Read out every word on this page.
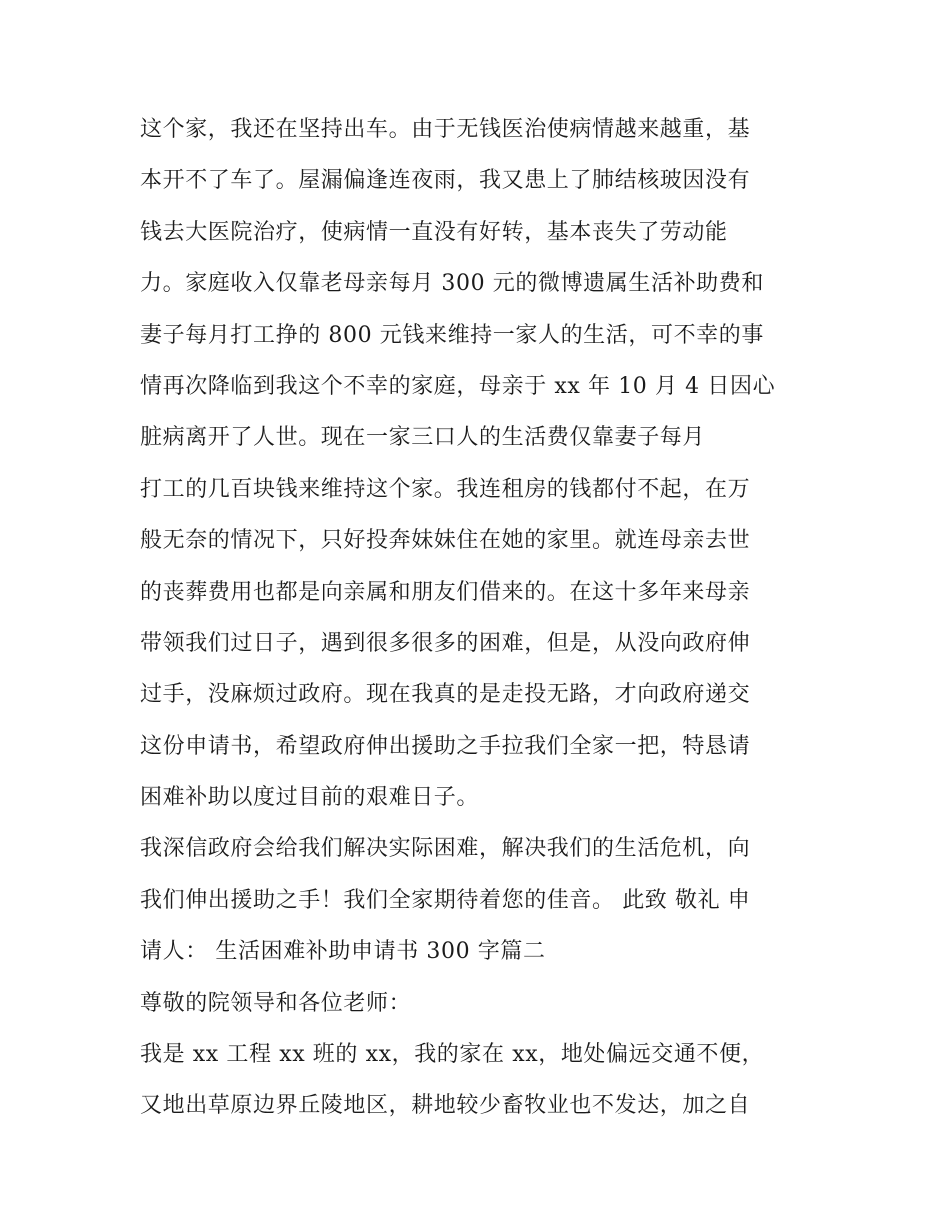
这个家，我还在坚持出车。由于无钱医治使病情越来越重，基
本开不了车了。屋漏偏逢连夜雨，我又患上了肺结核玻因没有
钱去大医院治疗，使病情一直没有好转，基本丧失了劳动能
力。家庭收入仅靠老母亲每月 300 元的微博遗属生活补助费和
妻子每月打工挣的 800 元钱来维持一家人的生活，可不幸的事
情再次降临到我这个不幸的家庭，母亲于 xx 年 10 月 4 日因心
脏病离开了人世。现在一家三口人的生活费仅靠妻子每月
打工的几百块钱来维持这个家。我连租房的钱都付不起，在万
般无奈的情况下，只好投奔妹妹住在她的家里。就连母亲去世
的丧葬费用也都是向亲属和朋友们借来的。在这十多年来母亲
带领我们过日子，遇到很多很多的困难，但是，从没向政府伸
过手，没麻烦过政府。现在我真的是走投无路，才向政府递交
这份申请书，希望政府伸出援助之手拉我们全家一把，特恳请
困难补助以度过目前的艰难日子。
我深信政府会给我们解决实际困难，解决我们的生活危机，向
我们伸出援助之手！我们全家期待着您的佳音。 此致 敬礼 申
请人： 生活困难补助申请书 300 字篇二
尊敬的院领导和各位老师：
我是 xx 工程 xx 班的 xx，我的家在 xx，地处偏远交通不便，
又地出草原边界丘陵地区，耕地较少畜牧业也不发达，加之自
